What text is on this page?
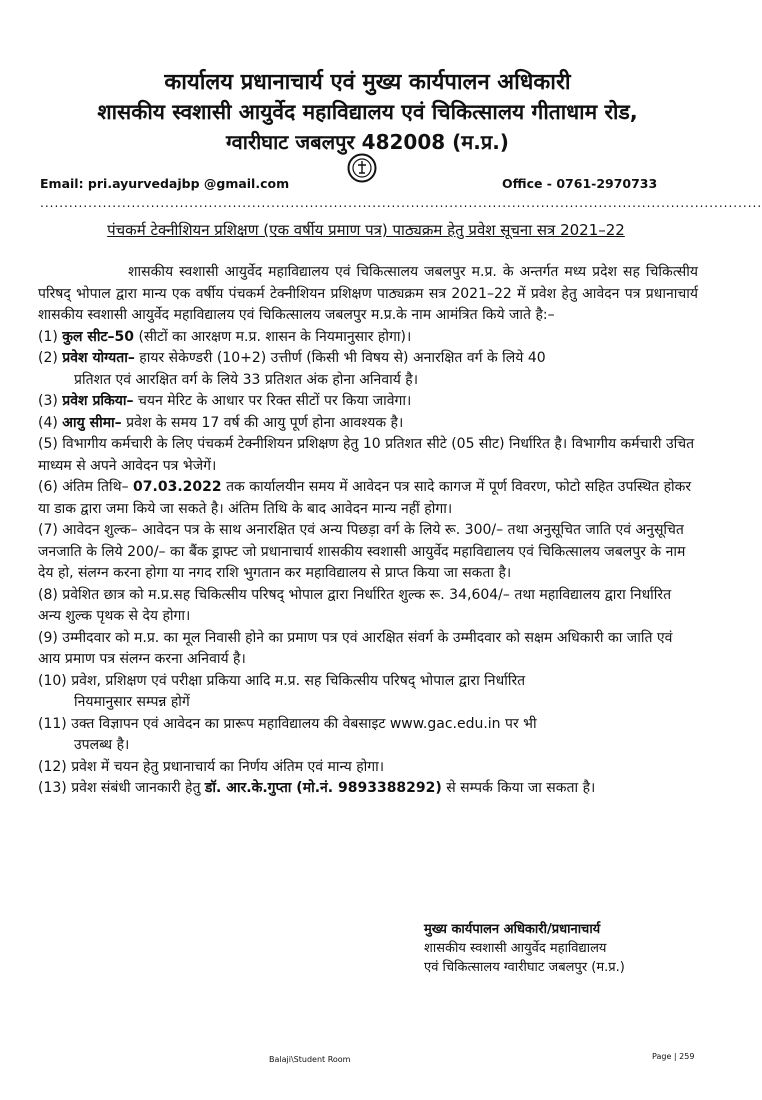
कार्यालय प्रधानाचार्य एवं मुख्य कार्यपालन अधिकारी
शासकीय स्वशासी आयुर्वेद महाविद्यालय एवं चिकित्सालय गीताधाम रोड,
ग्वारीघाट जबलपुर 482008 (म.प्र.)
Email: pri.ayurvedajbp @gmail.com	Office - 0761-2970733
......................................................................................................................................................
पंचकर्म टेक्नीशियन प्रशिक्षण (एक वर्षीय प्रमाण पत्र) पाठ्यक्रम हेतु प्रवेश सूचना सत्र 2021–22

शासकीय स्वशासी आयुर्वेद महाविद्यालय एवं चिकित्सालय जबलपुर म.प्र. के अन्तर्गत मध्य प्रदेश सह चिकित्सीय परिषद् भोपाल द्वारा मान्य एक वर्षीय पंचकर्म टेक्नीशियन प्रशिक्षण पाठ्यक्रम सत्र 2021–22 में प्रवेश हेतु आवेदन पत्र प्रधानाचार्य शासकीय स्वशासी आयुर्वेद महाविद्यालय एवं चिकित्सालय जबलपुर म.प्र.के नाम आमंत्रित किये जाते है:–

(1) कुल सीट–50 (सीटों का आरक्षण म.प्र. शासन के नियमानुसार होगा)।
(2) प्रवेश योग्यता– हायर सेकेण्डरी (10+2) उत्तीर्ण (किसी भी विषय से) अनारक्षित वर्ग के लिये 40
प्रतिशत एवं आरक्षित वर्ग के लिये 33 प्रतिशत अंक होना अनिवार्य है।
(3) प्रवेश प्रकिया– चयन मेरिट के आधार पर रिक्त सीटों पर किया जावेगा।
(4) आयु सीमा– प्रवेश के समय 17 वर्ष की आयु पूर्ण होना आवश्यक है।
(5) विभागीय कर्मचारी के लिए पंचकर्म टेक्नीशियन प्रशिक्षण हेतु 10 प्रतिशत सीटे (05 सीट) निर्धारित है। विभागीय कर्मचारी उचित माध्यम से अपने आवेदन पत्र भेजेगें।
(6) अंतिम तिथि– 07.03.2022 तक कार्यालयीन समय में आवेदन पत्र सादे कागज में पूर्ण विवरण, फोटो सहित उपस्थित होकर या डाक द्वारा जमा किये जा सकते है। अंतिम तिथि के बाद आवेदन मान्य नहीं होगा।
(7) आवेदन शुल्क– आवेदन पत्र के साथ अनारक्षित एवं अन्य पिछड़ा वर्ग के लिये रू. 300/– तथा अनुसूचित जाति एवं अनुसूचित जनजाति के लिये 200/– का बैंक ड्राफ्ट जो प्रधानाचार्य शासकीय स्वशासी आयुर्वेद महाविद्यालय एवं चिकित्सालय जबलपुर के नाम देय हो, संलग्न करना होगा या नगद राशि भुगतान कर महाविद्यालय से प्राप्त किया जा सकता है।
(8) प्रवेशित छात्र को म.प्र.सह चिकित्सीय परिषद् भोपाल द्वारा निर्धारित शुल्क रू. 34,604/– तथा महाविद्यालय द्वारा निर्धारित अन्य शुल्क पृथक से देय होगा।
(9) उम्मीदवार को म.प्र. का मूल निवासी होने का प्रमाण पत्र एवं आरक्षित संवर्ग के उम्मीदवार को सक्षम अधिकारी का जाति एवं आय प्रमाण पत्र संलग्न करना अनिवार्य है।
(10) प्रवेश, प्रशिक्षण एवं परीक्षा प्रकिया आदि म.प्र. सह चिकित्सीय परिषद् भोपाल द्वारा निर्धारित
नियमानुसार सम्पन्न होगें
(11) उक्त विज्ञापन एवं आवेदन का प्रारूप महाविद्यालय की वेबसाइट www.gac.edu.in पर भी
उपलब्ध है।
(12) प्रवेश में चयन हेतु प्रधानाचार्य का निर्णय अंतिम एवं मान्य होगा।
(13) प्रवेश संबंधी जानकारी हेतु डॉ. आर.के.गुप्ता (मो.नं. 9893388292) से सम्पर्क किया जा सकता है।
मुख्य कार्यपालन अधिकारी/प्रधानाचार्य
शासकीय स्वशासी आयुर्वेद महाविद्यालय
एवं चिकित्सालय ग्वारीघाट जबलपुर (म.प्र.)
Balaji\Student Room	Page | 259
